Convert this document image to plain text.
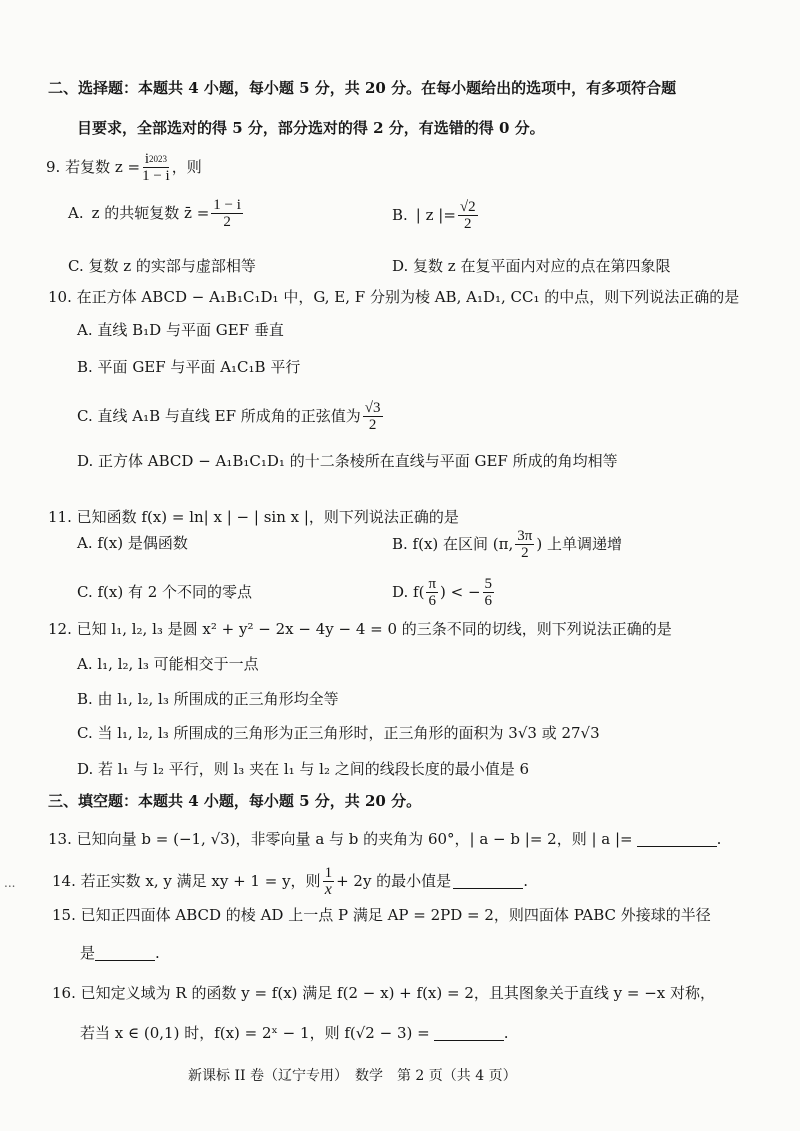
二、选择题：本题共 4 小题，每小题 5 分，共 20 分。在每小题给出的选项中，有多项符合题
目要求，全部选对的得 5 分，部分选对的得 2 分，有选错的得 0 分。
9. 若复数 $z = \frac{i^{2023}}{1 - i}$ ，则
A. z 的共轭复数 z̄ = $\frac{1 - i}{2}$	B. | z |= $\frac{√2}{2}$
C. 复数 z 的实部与虚部相等	D. 复数 z 在复平面内对应的点在第四象限
10. 在正方体 ABCD − A₁B₁C₁D₁ 中，G, E, F 分别为棱 AB, A₁D₁, CC₁ 的中点，则下列说法正确的是
A. 直线 B₁D 与平面 GEF 垂直
B. 平面 GEF 与平面 A₁C₁B 平行
C. 直线 A₁B 与直线 EF 所成角的正弦值为 $\frac{√3}{2}$
D. 正方体 ABCD − A₁B₁C₁D₁ 的十二条棱所在直线与平面 GEF 所成的角均相等
11. 已知函数 f(x) = ln| x | − | sin x |，则下列说法正确的是
A. f(x) 是偶函数	B. f(x) 在区间 (π, $\frac{3\pi}{2}$ ) 上单调递增
C. f(x) 有 2 个不同的零点	D. $f( \frac{\pi}{6}$ ) < − $\frac{5}{6}$
12. 已知 l₁, l₂, l₃ 是圆 x² + y² − 2x − 4y − 4 = 0 的三条不同的切线，则下列说法正确的是
A. l₁, l₂, l₃ 可能相交于一点
B. 由 l₁, l₂, l₃ 所围成的正三角形均全等
C. 当 l₁, l₂, l₃ 所围成的三角形为正三角形时，正三角形的面积为 3√3 或 27√3
D. 若 l₁ 与 l₂ 平行，则 l₃ 夹在 l₁ 与 l₂ 之间的线段长度的最小值是 6
三、填空题：本题共 4 小题，每小题 5 分，共 20 分。
13. 已知向量 b = (−1, √3)，非零向量 a 与 b 的夹角为 60°，| a − b |= 2，则 | a |=	.
14. 若正实数 x, y 满足 xy + 1 = y，则 $\frac{1}{x} + 2y$ 的最小值是	.
15. 已知正四面体 ABCD 的棱 AD 上一点 P 满足 AP = 2PD = 2，则四面体 PABC 外接球的半径
是	.
16. 已知定义域为 R 的函数 y = f(x) 满足 f(2 − x) + f(x) = 2，且其图象关于直线 y = −x 对称，
若当 x ∈ (0,1) 时，f(x) = 2ˣ − 1，则 f(√2 − 3) =	.
新课标 II 卷（辽宁专用）　数学　第 2 页（共 4 页）
...
